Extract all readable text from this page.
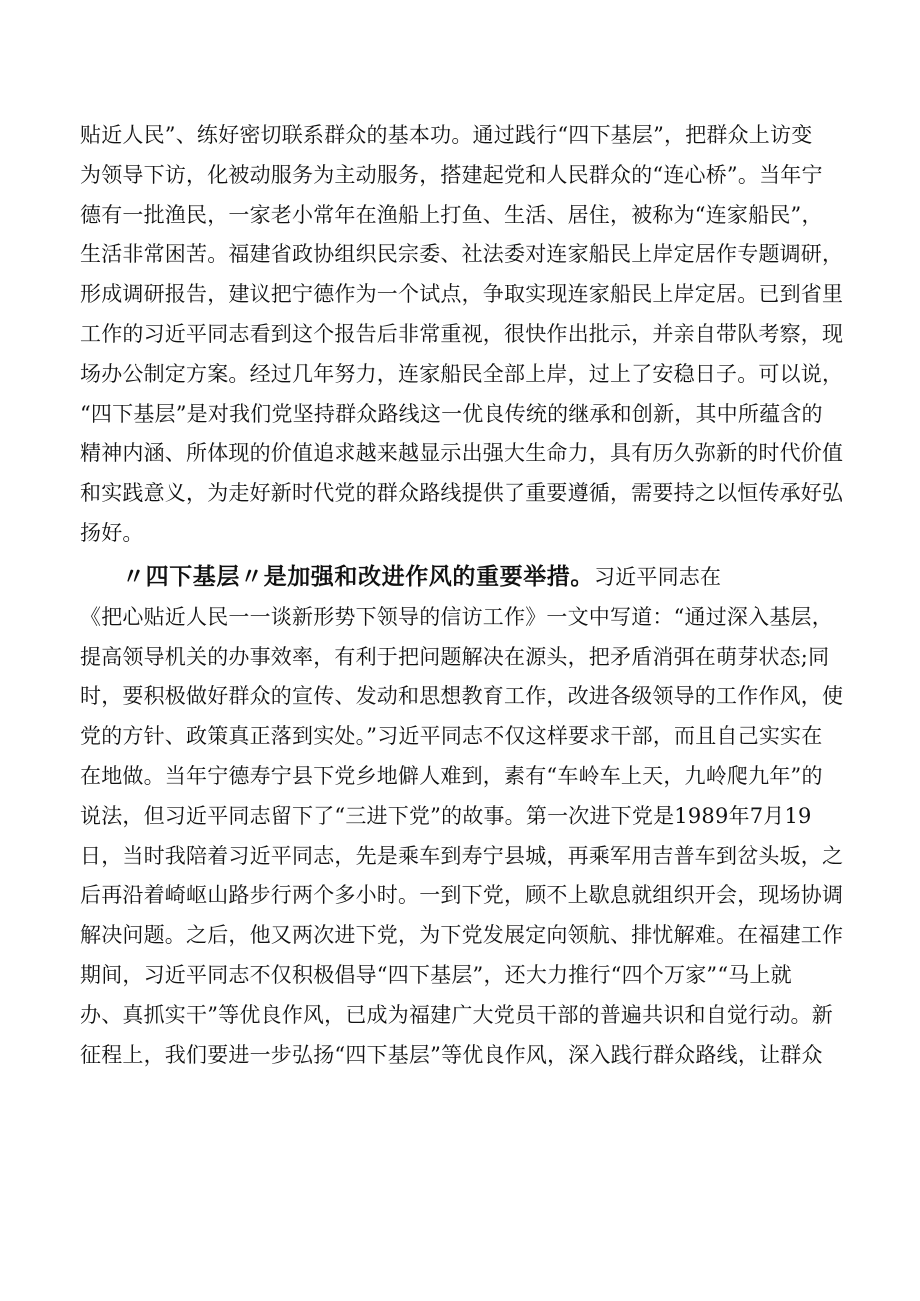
贴近人民”、练好密切联系群众的基本功。通过践行“四下基层”，把群众上访变
为领导下访，化被动服务为主动服务，搭建起党和人民群众的“连心桥”。当年宁
德有一批渔民，一家老小常年在渔船上打鱼、生活、居住，被称为“连家船民”，
生活非常困苦。福建省政协组织民宗委、社法委对连家船民上岸定居作专题调研，
形成调研报告，建议把宁德作为一个试点，争取实现连家船民上岸定居。已到省里
工作的习近平同志看到这个报告后非常重视，很快作出批示，并亲自带队考察，现
场办公制定方案。经过几年努力，连家船民全部上岸，过上了安稳日子。可以说，
“四下基层”是对我们党坚持群众路线这一优良传统的继承和创新，其中所蕴含的
精神内涵、所体现的价值追求越来越显示出强大生命力，具有历久弥新的时代价值
和实践意义，为走好新时代党的群众路线提供了重要遵循，需要持之以恒传承好弘
扬好。
〃四下基层〃是加强和改进作风的重要举措。习近平同志在
《把心贴近人民一一谈新形势下领导的信访工作》一文中写道：“通过深入基层，
提高领导机关的办事效率，有利于把问题解决在源头，把矛盾消弭在萌芽状态;同
时，要积极做好群众的宣传、发动和思想教育工作，改进各级领导的工作作风，使
党的方针、政策真正落到实处。”习近平同志不仅这样要求干部，而且自己实实在
在地做。当年宁德寿宁县下党乡地僻人难到，素有“车岭车上天，九岭爬九年”的
说法，但习近平同志留下了“三进下党”的故事。第一次进下党是1989年7月19
日，当时我陪着习近平同志，先是乘车到寿宁县城，再乘军用吉普车到岔头坂，之
后再沿着崎岖山路步行两个多小时。一到下党，顾不上歇息就组织开会，现场协调
解决问题。之后，他又两次进下党，为下党发展定向领航、排忧解难。在福建工作
期间，习近平同志不仅积极倡导“四下基层”，还大力推行“四个万家”“马上就
办、真抓实干”等优良作风，已成为福建广大党员干部的普遍共识和自觉行动。新
征程上，我们要进一步弘扬“四下基层”等优良作风，深入践行群众路线，让群众
